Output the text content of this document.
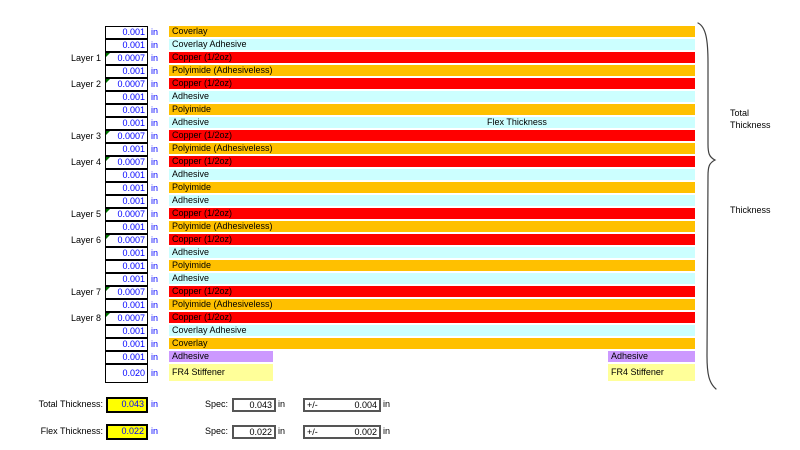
0.001 in	Coverlay
0.001 in	Coverlay Adhesive
Layer 1	0.0007 in	Copper (1/2oz)
0.001 in	Polyimide (Adhesiveless)
Layer 2	0.0007 in	Copper (1/2oz)
0.001 in	Adhesive
0.001 in	Polyimide
0.001 in	Adhesive	Flex Thickness
Layer 3	0.0007 in	Copper (1/2oz)
0.001 in	Polyimide (Adhesiveless)
Layer 4	0.0007 in	Copper (1/2oz)
0.001 in	Adhesive
0.001 in	Polyimide
0.001 in	Adhesive
Layer 5	0.0007 in	Copper (1/2oz)
0.001 in	Polyimide (Adhesiveless)
Layer 6	0.0007 in	Copper (1/2oz)
0.001 in	Adhesive
0.001 in	Polyimide
0.001 in	Adhesive
Layer 7	0.0007 in	Copper (1/2oz)
0.001 in	Polyimide (Adhesiveless)
Layer 8	0.0007 in	Copper (1/2oz)
0.001 in	Coverlay Adhesive
0.001 in	Coverlay
0.001 in	Adhesive	Adhesive
0.020 in	FR4 Stiffener	FR4 Stiffener
Total
Thickness
Thickness
Total Thickness:	0.043 in	Spec:	0.043 in +/-	0.004 in
Flex Thickness:	0.022 in	Spec:	0.022 in +/-	0.002 in
